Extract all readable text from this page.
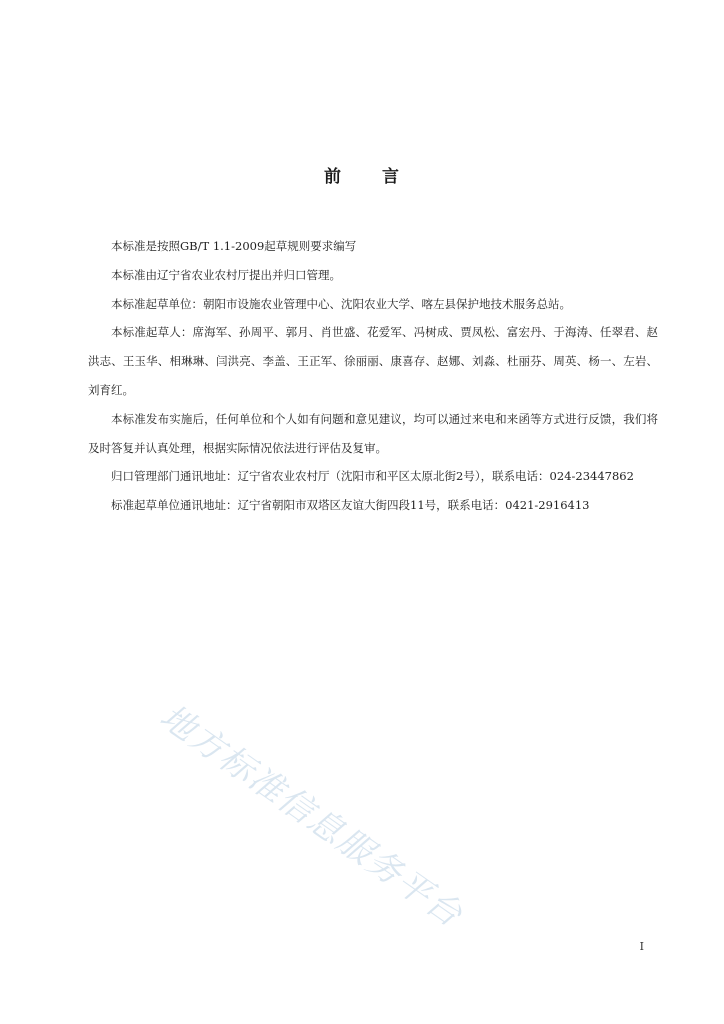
前 言

本标准是按照GB/T 1.1-2009起草规则要求编写

本标准由辽宁省农业农村厅提出并归口管理。

本标准起草单位：朝阳市设施农业管理中心、沈阳农业大学、喀左县保护地技术服务总站。

本标准起草人：席海军、孙周平、郭月、肖世盛、花爱军、冯树成、贾凤松、富宏丹、于海涛、任翠君、赵洪志、王玉华、相琳琳、闫洪亮、李盖、王正军、徐丽丽、康喜存、赵娜、刘淼、杜丽芬、周英、杨一、左岩、刘育红。

本标准发布实施后，任何单位和个人如有问题和意见建议，均可以通过来电和来函等方式进行反馈，我们将及时答复并认真处理，根据实际情况依法进行评估及复审。

归口管理部门通讯地址：辽宁省农业农村厅（沈阳市和平区太原北街2号），联系电话：024-23447862

标准起草单位通讯地址：辽宁省朝阳市双塔区友谊大街四段11号，联系电话：0421-2916413

地方标准信息服务平台
I
